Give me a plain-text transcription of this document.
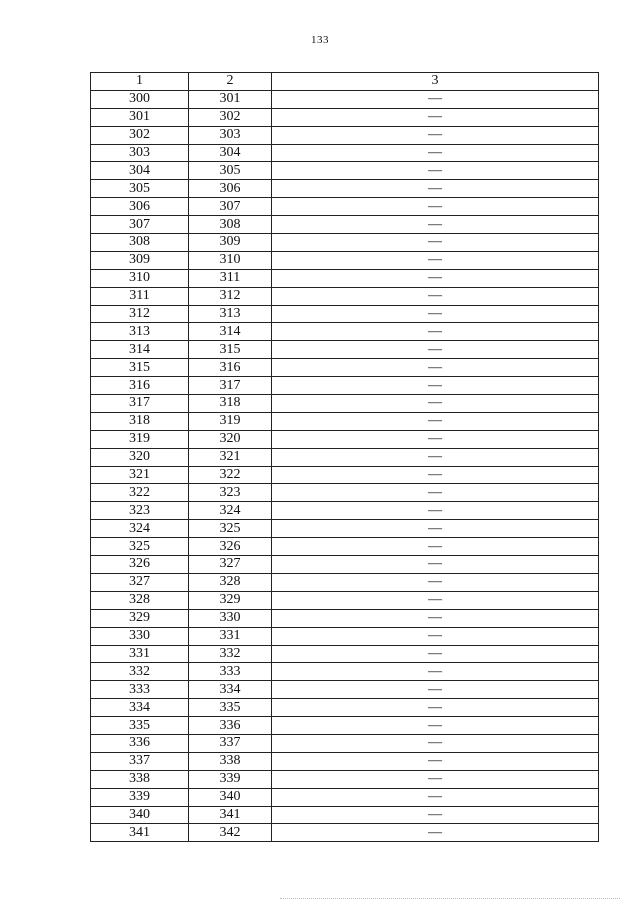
133
1	2	3
300	301	—
301	302	—
302	303	—
303	304	—
304	305	—
305	306	—
306	307	—
307	308	—
308	309	—
309	310	—
310	311	—
311	312	—
312	313	—
313	314	—
314	315	—
315	316	—
316	317	—
317	318	—
318	319	—
319	320	—
320	321	—
321	322	—
322	323	—
323	324	—
324	325	—
325	326	—
326	327	—
327	328	—
328	329	—
329	330	—
330	331	—
331	332	—
332	333	—
333	334	—
334	335	—
335	336	—
336	337	—
337	338	—
338	339	—
339	340	—
340	341	—
341	342	—
